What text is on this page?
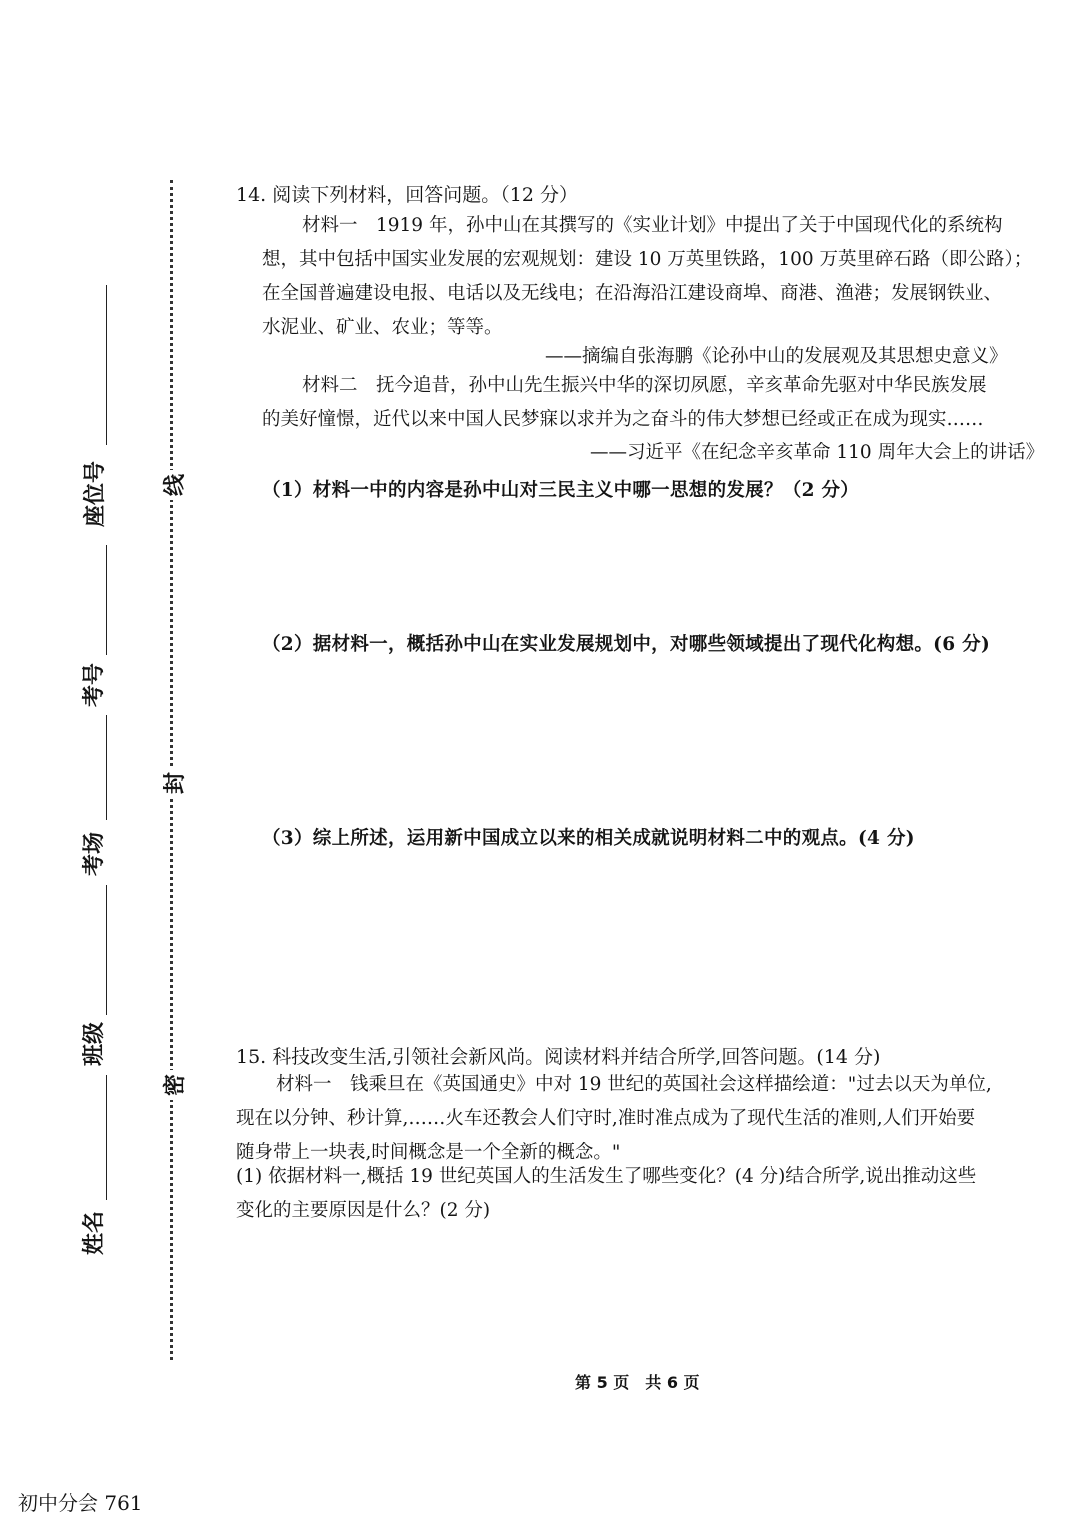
线
封
密
座位号
考号
考场
班级
姓名
14. 阅读下列材料，回答问题。（12 分）
材料一　1919 年，孙中山在其撰写的《实业计划》中提出了关于中国现代化的系统构
想，其中包括中国实业发展的宏观规划：建设 10 万英里铁路，100 万英里碎石路（即公路）；
在全国普遍建设电报、电话以及无线电；在沿海沿江建设商埠、商港、渔港；发展钢铁业、
水泥业、矿业、农业；等等。
——摘编自张海鹏《论孙中山的发展观及其思想史意义》
材料二　抚今追昔，孙中山先生振兴中华的深切夙愿，辛亥革命先驱对中华民族发展
的美好憧憬，近代以来中国人民梦寐以求并为之奋斗的伟大梦想已经或正在成为现实……
——习近平《在纪念辛亥革命 110 周年大会上的讲话》
（1）材料一中的内容是孙中山对三民主义中哪一思想的发展？（2 分）
（2）据材料一，概括孙中山在实业发展规划中，对哪些领域提出了现代化构想。(6 分)
（3）综上所述，运用新中国成立以来的相关成就说明材料二中的观点。(4 分)
15. 科技改变生活,引领社会新风尚。阅读材料并结合所学,回答问题。(14 分)
材料一　钱乘旦在《英国通史》中对 19 世纪的英国社会这样描绘道："过去以天为单位,
现在以分钟、秒计算,……火车还教会人们守时,准时准点成为了现代生活的准则,人们开始要
随身带上一块表,时间概念是一个全新的概念。"
(1) 依据材料一,概括 19 世纪英国人的生活发生了哪些变化？(4 分)结合所学,说出推动这些
变化的主要原因是什么？(2 分)
第 5 页　共 6 页
初中分会 761
